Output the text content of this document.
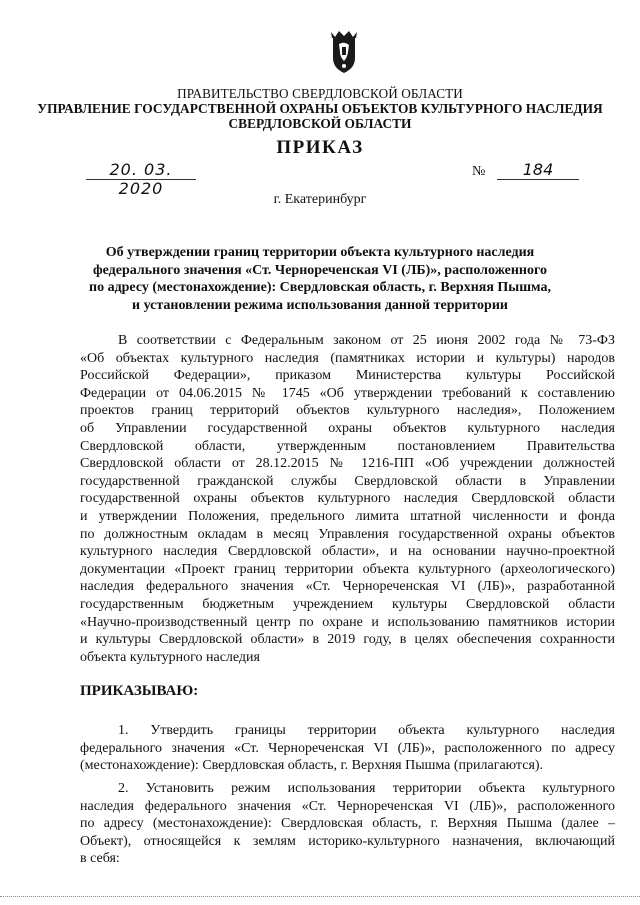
ПРАВИТЕЛЬСТВО СВЕРДЛОВСКОЙ ОБЛАСТИ
УПРАВЛЕНИЕ ГОСУДАРСТВЕННОЙ ОХРАНЫ ОБЪЕКТОВ КУЛЬТУРНОГО НАСЛЕДИЯ
СВЕРДЛОВСКОЙ ОБЛАСТИ
ПРИКАЗ
20. 03. 2020
№	184
г. Екатеринбург
Об утверждении границ территории объекта культурного наследия
федерального значения «Ст. Чернореченская VI (ЛБ)», расположенного
по адресу (местонахождение): Свердловская область, г. Верхняя Пышма,
и установлении режима использования данной территории
В соответствии с Федеральным законом от 25 июня 2002 года № 73-ФЗ
«Об объектах культурного наследия (памятниках истории и культуры) народов
Российской Федерации», приказом Министерства культуры Российской
Федерации от 04.06.2015 № 1745 «Об утверждении требований к составлению
проектов границ территорий объектов культурного наследия», Положением
об Управлении государственной охраны объектов культурного наследия
Свердловской области, утвержденным постановлением Правительства
Свердловской области от 28.12.2015 № 1216-ПП «Об учреждении должностей
государственной гражданской службы Свердловской области в Управлении
государственной охраны объектов культурного наследия Свердловской области
и утверждении Положения, предельного лимита штатной численности и фонда
по должностным окладам в месяц Управления государственной охраны объектов
культурного наследия Свердловской области», и на основании научно-проектной
документации «Проект границ территории объекта культурного (археологического)
наследия федерального значения «Ст. Чернореченская VI (ЛБ)», разработанной
государственным бюджетным учреждением культуры Свердловской области
«Научно-производственный центр по охране и использованию памятников истории
и культуры Свердловской области» в 2019 году, в целях обеспечения сохранности
объекта культурного наследия
ПРИКАЗЫВАЮ:
1. Утвердить границы территории объекта культурного наследия
федерального значения «Ст. Чернореченская VI (ЛБ)», расположенного по адресу
(местонахождение): Свердловская область, г. Верхняя Пышма (прилагаются).
2. Установить режим использования территории объекта культурного
наследия федерального значения «Ст. Чернореченская VI (ЛБ)», расположенного
по адресу (местонахождение): Свердловская область, г. Верхняя Пышма (далее –
Объект), относящейся к землям историко-культурного назначения, включающий
в себя:
